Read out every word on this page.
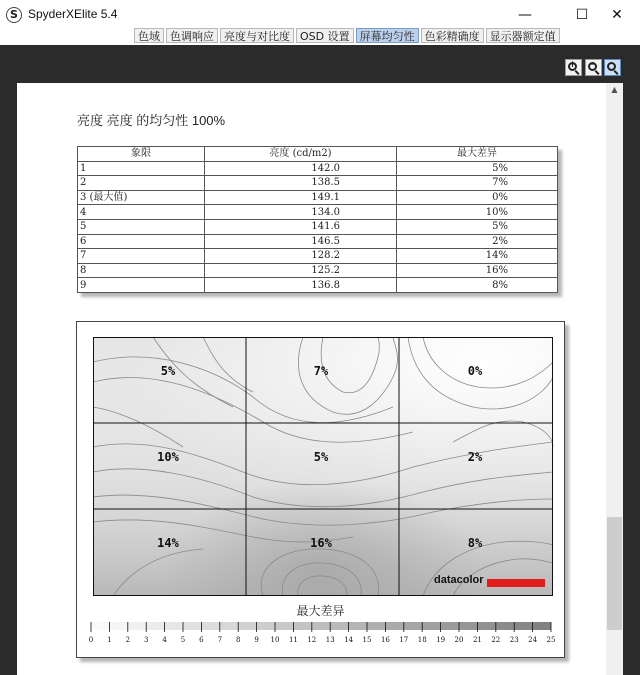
S SpyderXElite 5.4	—	☐	✕
色域 色调响应 亮度与对比度 OSD 设置 屏幕均匀性 色彩精确度 显示器额定值
+ −
▲
亮度 亮度 的均匀性 100%
象限	亮度 (cd/m2)	最大差异
1	142.0	5%
2	138.5	7%
3 (最大值)	149.1	0%
4	134.0	10%
5	141.6	5%
6	146.5	2%
7	128.2	14%
8	125.2	16%
9	136.8	8%
5%	7%	0%
10%	5%	2%
14%	16%	8%
datacolor
最大差异
0 1 2 3 4 5 6 7 8 9 10 11 12 13 14 15 16 17 18 19 20 21 22 23 24 25
